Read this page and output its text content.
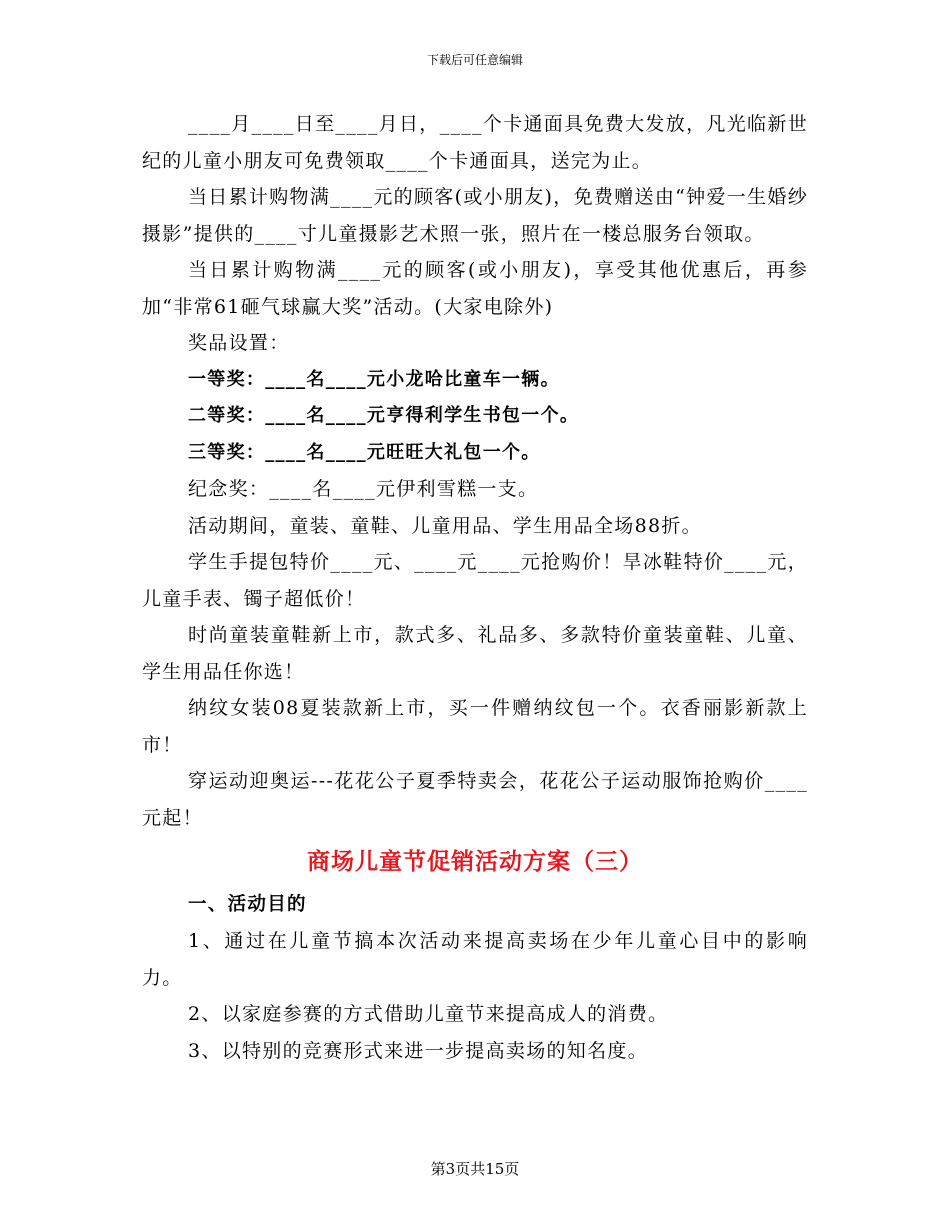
下载后可任意编辑

____月____日至____月日，____个卡通面具免费大发放，凡光临新世纪的儿童小朋友可免费领取____个卡通面具，送完为止。

当日累计购物满____元的顾客(或小朋友)，免费赠送由“钟爱一生婚纱摄影”提供的____寸儿童摄影艺术照一张，照片在一楼总服务台领取。

当日累计购物满____元的顾客(或小朋友)，享受其他优惠后，再参加“非常61砸气球赢大奖”活动。(大家电除外)

奖品设置：

一等奖：____名____元小龙哈比童车一辆。

二等奖：____名____元亨得利学生书包一个。

三等奖：____名____元旺旺大礼包一个。

纪念奖：____名____元伊利雪糕一支。

活动期间，童装、童鞋、儿童用品、学生用品全场88折。

学生手提包特价____元、____元____元抢购价！旱冰鞋特价____元，儿童手表、镯子超低价！

时尚童装童鞋新上市，款式多、礼品多、多款特价童装童鞋、儿童、学生用品任你选！

纳纹女装08夏装款新上市，买一件赠纳纹包一个。衣香丽影新款上市！

穿运动迎奥运---花花公子夏季特卖会，花花公子运动服饰抢购价____元起！

商场儿童节促销活动方案（三）

一、活动目的

1、通过在儿童节搞本次活动来提高卖场在少年儿童心目中的影响力。

2、以家庭参赛的方式借助儿童节来提高成人的消费。

3、以特别的竞赛形式来进一步提高卖场的知名度。

第3页共15页
